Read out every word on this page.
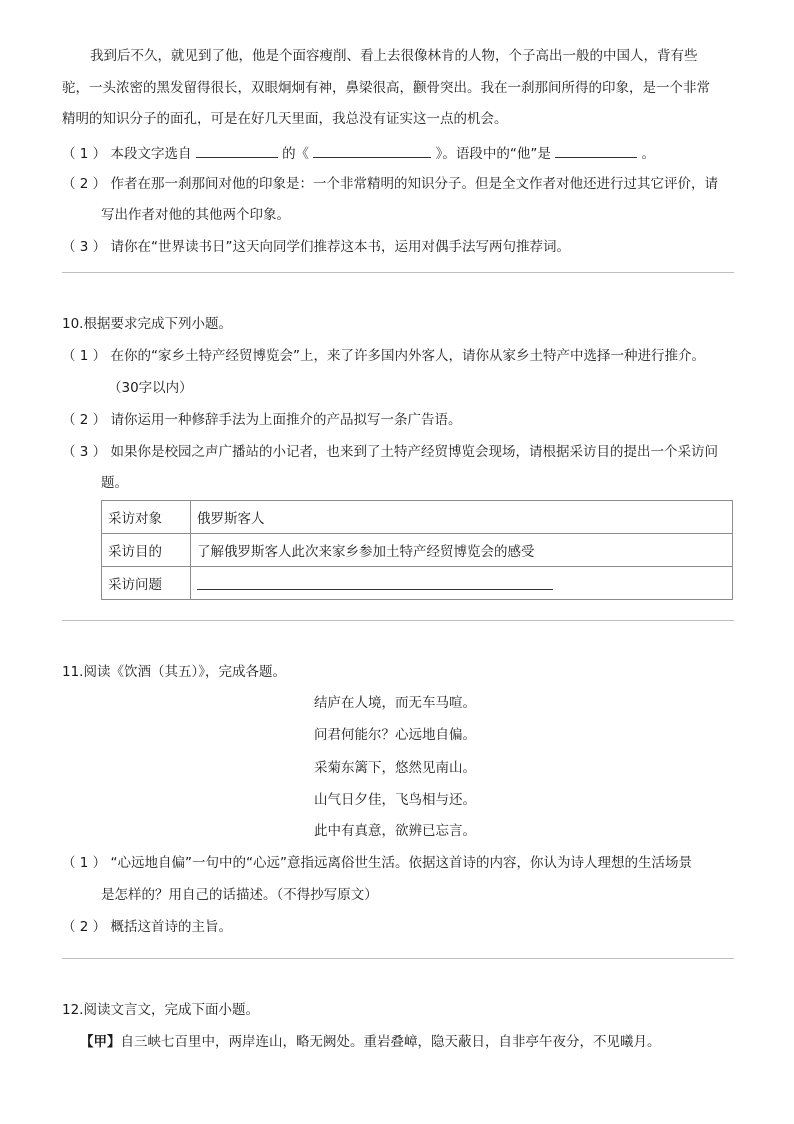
我到后不久，就见到了他，他是个面容瘦削、看上去很像林肯的人物，个子高出一般的中国人，背有些
驼，一头浓密的黑发留得很长，双眼炯炯有神，鼻梁很高，颧骨突出。我在一刹那间所得的印象，是一个非常
精明的知识分子的面孔，可是在好几天里面，我总没有证实这一点的机会。
（ 1 ） 本段文字选自	的《	》。语段中的“他”是	。
（ 2 ） 作者在那一刹那间对他的印象是：一个非常精明的知识分子。但是全文作者对他还进行过其它评价，请
写出作者对他的其他两个印象。
（ 3 ） 请你在“世界读书日”这天向同学们推荐这本书，运用对偶手法写两句推荐词。
10.根据要求完成下列小题。
（ 1 ） 在你的“家乡土特产经贸博览会”上，来了许多国内外客人，请你从家乡土特产中选择一种进行推介。
（30字以内）
（ 2 ） 请你运用一种修辞手法为上面推介的产品拟写一条广告语。
（ 3 ） 如果你是校园之声广播站的小记者，也来到了土特产经贸博览会现场，请根据采访目的提出一个采访问
题。
采访对象	俄罗斯客人
采访目的	了解俄罗斯客人此次来家乡参加土特产经贸博览会的感受
采访问题	
11.阅读《饮酒（其五）》，完成各题。
结庐在人境，而无车马喧。
问君何能尔？心远地自偏。
采菊东篱下，悠然见南山。
山气日夕佳，飞鸟相与还。
此中有真意，欲辨已忘言。
（ 1 ） “心远地自偏”一句中的“心远”意指远离俗世生活。依据这首诗的内容，你认为诗人理想的生活场景
是怎样的？用自己的话描述。（不得抄写原文）
（ 2 ） 概括这首诗的主旨。
12.阅读文言文，完成下面小题。
【甲】自三峡七百里中，两岸连山，略无阙处。重岩叠嶂，隐天蔽日，自非亭午夜分，不见曦月。
